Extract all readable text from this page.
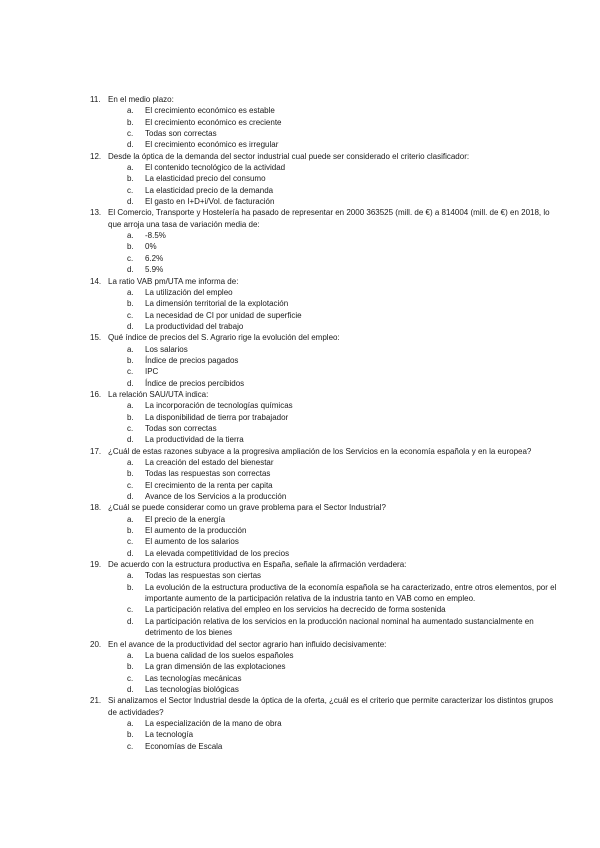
11. En el medio plazo:
a.	El crecimiento económico es estable
b.	El crecimiento económico es creciente
c.	Todas son correctas
d.	El crecimiento económico es irregular
12. Desde la óptica de la demanda del sector industrial cual puede ser considerado el criterio clasificador:
a.	El contenido tecnológico de la actividad
b.	La elasticidad precio del consumo
c.	La elasticidad precio de la demanda
d.	El gasto en I+D+i/Vol. de facturación
13. El Comercio, Transporte y Hostelería ha pasado de representar en 2000 363525 (mill. de €) a 814004 (mill. de €) en 2018, lo que arroja una tasa de variación media de:
a.	-8.5%
b.	0%
c.	6.2%
d.	5.9%
14. La ratio VAB pm/UTA me informa de:
a.	La utilización del empleo
b.	La dimensión territorial de la explotación
c.	La necesidad de CI por unidad de superficie
d.	La productividad del trabajo
15. Qué índice de precios del S. Agrario rige la evolución del empleo:
a.	Los salarios
b.	Índice de precios pagados
c.	IPC
d.	Índice de precios percibidos
16. La relación SAU/UTA indica:
a.	La incorporación de tecnologías químicas
b.	La disponibilidad de tierra por trabajador
c.	Todas son correctas
d.	La productividad de la tierra
17. ¿Cuál de estas razones subyace a la progresiva ampliación de los Servicios en la economía española y en la europea?
a.	La creación del estado del bienestar
b.	Todas las respuestas son correctas
c.	El crecimiento de la renta per capita
d.	Avance de los Servicios a la producción
18. ¿Cuál se puede considerar como un grave problema para el Sector Industrial?
a.	El precio de la energía
b.	El aumento de la producción
c.	El aumento de los salarios
d.	La elevada competitividad de los precios
19. De acuerdo con la estructura productiva en España, señale la afirmación verdadera:
a.	Todas las respuestas son ciertas
b.	La evolución de la estructura productiva de la economía española se ha caracterizado, entre otros elementos, por el importante aumento de la participación relativa de la industria tanto en VAB como en empleo.
c.	La participación relativa del empleo en los servicios ha decrecido de forma sostenida
d.	La participación relativa de los servicios en la producción nacional nominal ha aumentado sustancialmente en detrimento de los bienes
20. En el avance de la productividad del sector agrario han influido decisivamente:
a.	La buena calidad de los suelos españoles
b.	La gran dimensión de las explotaciones
c.	Las tecnologías mecánicas
d.	Las tecnologías biológicas
21. Si analizamos el Sector Industrial desde la óptica de la oferta, ¿cuál es el criterio que permite caracterizar los distintos grupos de actividades?
a.	La especialización de la mano de obra
b.	La tecnología
c.	Economías de Escala
